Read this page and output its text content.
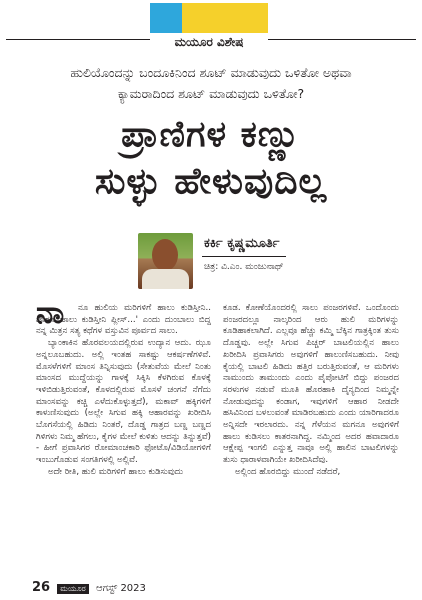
ಮಯೂರ ವಿಶೇಷ
ಹುಲಿಯೊಂದನ್ನು ಬಂದೂಕಿನಿಂದ ಶೂಟ್ ಮಾಡುವುದು ಒಳಿತೋ ಅಥವಾ
ಕ್ಯಾಮರಾದಿಂದ ಶೂಟ್ ಮಾಡುವುದು ಒಳಿತೋ?
ಪ್ರಾಣಿಗಳ ಕಣ್ಣು
ಸುಳ್ಳು ಹೇಳುವುದಿಲ್ಲ
ಕರ್ಕಿ ಕೃಷ್ಣಮೂರ್ತಿ
ಚಿತ್ರ: ವಿ.ಎಂ. ಮಂಜುನಾಥ್
ನಾ	ನೂ ಹುಲಿಯ ಮರಿಗಳಿಗೆ ಹಾಲು ಕುಡಿಸ್ತೀನಿ.. ಹಾಗೂ ಹಾಲು ಕುಡಿಸ್ತೀನಿ ಪ್ಲೀಸ್...' ಎಂದು ದುಂಬಾಲು ಬಿದ್ದ ನನ್ನ ಮಿತ್ರನ ಸತ್ಯ ಕಥೆಗಳ ವಸ್ತುವಿನ ಪೂರ್ವದ ಸಾಲು.

ಬ್ಯಾಂಕಾಕಿನ ಹೊರವಲಯದಲ್ಲಿರುವ ಉದ್ಯಾನ ಆದು. ಝೂ ಅನ್ನಲೂಬಹುದು. ಅಲ್ಲಿ ಇಂತಹ ಸಾಕಷ್ಟು ಆಕರ್ಷಣೆಗಳಿವೆ. ಮೊಸಳೆಗಳಿಗೆ ಮಾಂಸ ತಿನ್ನಿಸುವುದು (ಸೇತುವೆಯ ಮೇಲೆ ನಿಂತು ಮಾಂಸದ ಮುದ್ದೆಯನ್ನು ಗಾಳಕ್ಕೆ ಸಿಕ್ಕಿಸಿ ಕೆಳಗಿರುವ ಕೊಳಕ್ಕೆ ಇಳಿಬಿಡುತ್ತಿರುವಂತೆ, ಕೊಳದಲ್ಲಿರುವ ಮೊಸಳೆ ಚಂಗನೆ ನೆಗೆದು ಮಾಂಸವನ್ನು ಕಚ್ಚಿ ಎಳೆದುಕೊಳ್ಳುತ್ತದೆ), ಮಕಾವ್ ಹಕ್ಕಿಗಳಿಗೆ ಕಾಳುಣಿಸುವುದು (ಅಲ್ಲೇ ಸಿಗುವ ಹಕ್ಕಿ ಆಹಾರವನ್ನು ಖರೀದಿಸಿ ಬೊಗಸೆಯಲ್ಲಿ ಹಿಡಿದು ನಿಂತರೆ, ದೊಡ್ಡ ಗಾತ್ರದ ಬಣ್ಣ ಬಣ್ಣದ ಗಿಳಿಗಳು ನಿಮ್ಮ ಹೆಗಲು, ಕೈಗಳ ಮೇಲೆ ಕುಳಿತು ಆದನ್ನು ತಿನ್ನುತ್ತವೆ) - ಹೀಗೆ ಪ್ರವಾಸಿಗರ ರೋಮಾಂಚಕಾರಿ ಫೋಟೊ/ವಿಡಿಯೋಗಳಿಗೆ ಇಂಬುಗೊಡುವ ಸಂಗತಿಗಳಲ್ಲಿ ಅಲ್ಲಿವೆ.

ಅದೇ ರೀತಿ, ಹುಲಿ ಮರಿಗಳಿಗೆ ಹಾಲು ಕುಡಿಸುವುದು

ಕೂಡ. ಕೋಣೆಯೊಂದರಲ್ಲಿ ಸಾಲು ಪಂಜರಗಳಿವೆ. ಒಂದೊಂದು ಪಂಜರದಲ್ಲೂ ನಾಲ್ಕರಿಂದ ಆರು ಹುಲಿ ಮರಿಗಳನ್ನು ಕೂಡಿಹಾಕಲಾಗಿದೆ. ಎಲ್ಲವೂ ಹೆಚ್ಚು ಕಮ್ಮಿ ಬೆಕ್ಕಿನ ಗಾತ್ರಕ್ಕಿಂತ ತುಸು ದೊಡ್ಡವು. ಅಲ್ಲೇ ಸಿಗುವ ಪಿಚ್ಚರ್ ಬಾಟಲಿಯಲ್ಲಿನ ಹಾಲು ಖರೀದಿಸಿ ಪ್ರವಾಸಿಗರು ಅವುಗಳಿಗೆ ಹಾಲುಣಿಸಬಹುದು. ನೀವು ಕೈಯಲ್ಲಿ ಬಾಟಲಿ ಹಿಡಿದು ಹತ್ತಿರ ಬರುತ್ತಿರುವಂತೆ, ಆ ಮರಿಗಳು ನಾಮುಂದು ತಾಮುಂದು ಎಂದು ಪೈಪೋಟಿಗೆ ಬಿದ್ದು ಪಂಜರದ ಸರಳುಗಳ ನಡುವೆ ಮೂತಿ ಹೊರಹಾಕಿ ದೈನ್ಯದಿಂದ ನಿಮ್ಮನ್ನೇ ನೋಡುವುದನ್ನು ಕಂಡಾಗ, ಇವುಗಳಿಗೆ ಆಹಾರ ನೀಡದೇ ಹಸಿವಿನಿಂದ ಬಳಲುವಂತೆ ಮಾಡಿರಬಹುದು ಎಂದು ಯಾರಿಗಾದರೂ ಅನ್ನಿಸದೇ ಇರಲಾರದು. ನನ್ನ ಗೆಳೆಯನ ಮಗನೂ ಅವುಗಳಿಗೆ ಹಾಲು ಕುಡಿಸಲು ಕಾತರನಾಗಿದ್ದ. ನಮ್ಮಿಂದ ಅದರ ಹವಾದಾರೂ ಆಕ್ಷೇಪ್ಪ ಇಂಗಲಿ ಎನ್ನುತ್ತ ನಾವೂ ಅಲ್ಲಿ ಹಾಲಿನ ಬಾಟಲಿಗಳನ್ನು ತುಸು ಧಾರಾಳವಾಗಿಯೇ ಖರೀದಿಸಿದೆವು.

ಅಲ್ಲಿಂದ ಹೊರಬಿದ್ದು ಮುಂದೆ ನಡೆದರೆ,

26 ಮಯೂರ ಆಗಸ್ಟ್ 2023
